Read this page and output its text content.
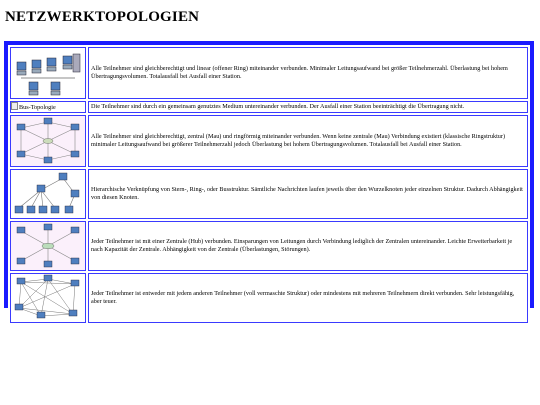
NETZWERKTOPOLOGIEN
	Alle Teilnehmer sind gleichberechtigt und linear (offener Ring) miteinander verbunden. Minimaler Leitungsaufwand bei größer Teilnehmerzahl. Überlastung bei hohem Übertragungsvolumen. Totalausfall bei Ausfall einer Station.
Bus-Topologie	Die Teilnehmer sind durch ein gemeinsam genutztes Medium untereinander verbunden. Der Ausfall einer Station beeinträchtigt die Übertragung nicht.

	Alle Teilnehmer sind gleichberechtigt, zentral (Mau) und ringförmig miteinander verbunden. Wenn keine zentrale (Mau) Verbindung existiert (klassische Ringstruktur) minimaler Leitungsaufwand bei größerer Teilnehmerzahl jedoch Überlastung bei hohem Übertragungsvolumen. Totalausfall bei Ausfall einer Station.

	Hierarchische Verknüpfung von Stern-, Ring-, oder Busstruktur. Sämtliche Nachrichten laufen jeweils über den Wurzelknoten jeder einzelnen Struktur. Dadurch Abhängigkeit von diesen Knoten.

	Jeder Teilnehmer ist mit einer Zentrale (Hub) verbunden. Einsparungen von Leitungen durch Verbindung lediglich der Zentralen untereinander. Leichte Erweiterbarkeit je nach Kapazität der Zentrale. Abhängigkeit von der Zentrale (Überlastungen, Störungen).

	Jeder Teilnehmer ist entweder mit jedem anderen Teilnehmer (voll vermaschte Struktur) oder mindestens mit mehreren Teilnehmern direkt verbunden. Sehr leistungsfähig, aber teuer.
